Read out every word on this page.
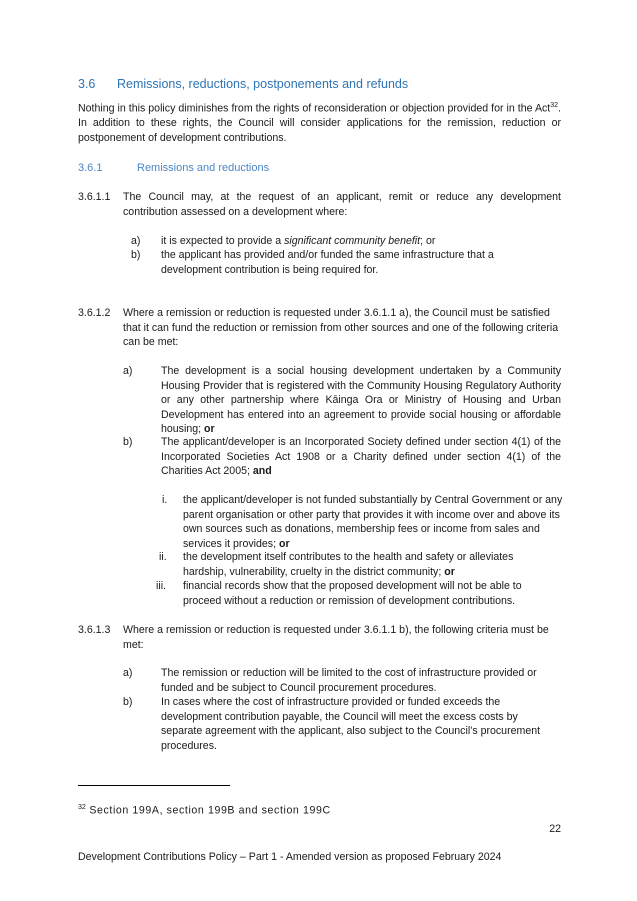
3.6 Remissions, reductions, postponements and refunds
Nothing in this policy diminishes from the rights of reconsideration or objection provided for in the Act$^{32}$. In addition to these rights, the Council will consider applications for the remission, reduction or postponement of development contributions.
3.6.1	Remissions and reductions
3.6.1.1 The Council may, at the request of an applicant, remit or reduce any development contribution assessed on a development where:
a) it is expected to provide a significant community benefit; or
b) the applicant has provided and/or funded the same infrastructure that a development contribution is being required for.
3.6.1.2 Where a remission or reduction is requested under 3.6.1.1 a), the Council must be satisfied that it can fund the reduction or remission from other sources and one of the following criteria can be met:
a)	The development is a social housing development undertaken by a Community Housing Provider that is registered with the Community Housing Regulatory Authority or any other partnership where Kāinga Ora or Ministry of Housing and Urban Development has entered into an agreement to provide social housing or affordable housing; or
b)	The applicant/developer is an Incorporated Society defined under section 4(1) of the Incorporated Societies Act 1908 or a Charity defined under section 4(1) of the Charities Act 2005; and
i. the applicant/developer is not funded substantially by Central Government or any parent organisation or other party that provides it with income over and above its own sources such as donations, membership fees or income from sales and services it provides; or
ii. the development itself contributes to the health and safety or alleviates hardship, vulnerability, cruelty in the district community; or
iii. financial records show that the proposed development will not be able to proceed without a reduction or remission of development contributions.
3.6.1.3 Where a remission or reduction is requested under 3.6.1.1 b), the following criteria must be met:
a)	The remission or reduction will be limited to the cost of infrastructure provided or funded and be subject to Council procurement procedures.
b)	In cases where the cost of infrastructure provided or funded exceeds the development contribution payable, the Council will meet the excess costs by separate agreement with the applicant, also subject to the Council’s procurement procedures.
$^{32}$ Section 199A, section 199B and section 199C
22
Development Contributions Policy – Part 1 - Amended version as proposed February 2024
